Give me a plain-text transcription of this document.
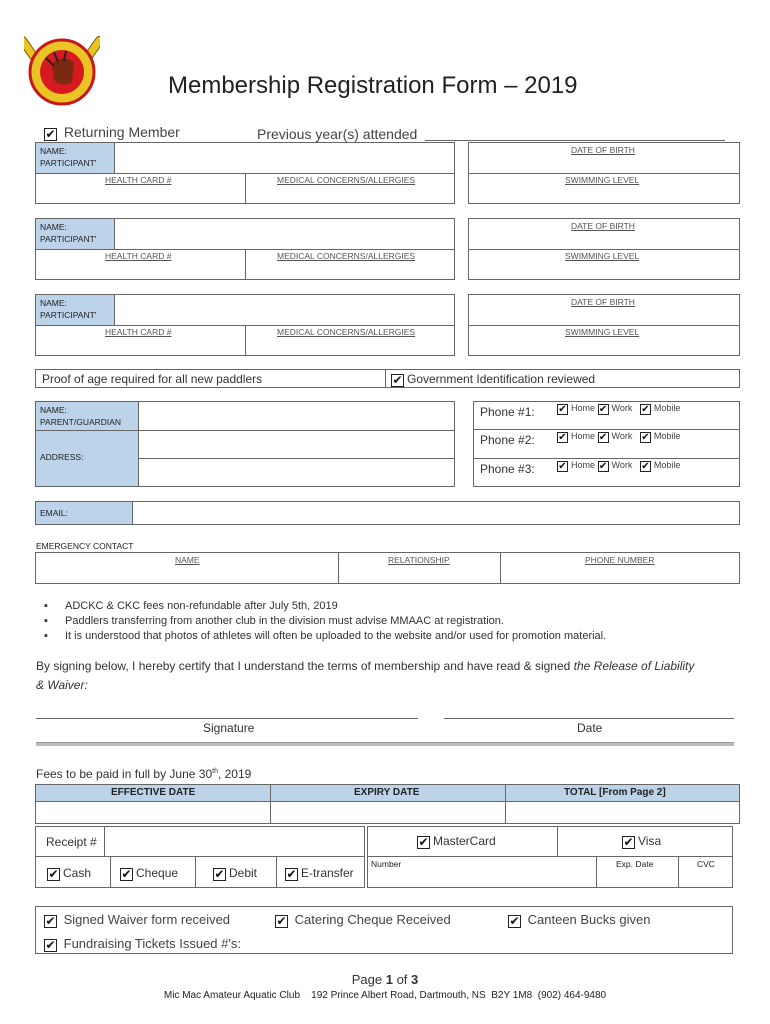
Membership Registration Form – 2019
✔ Returning Member	Previous year(s) attended
NAME:
PARTICIPANT'
HEALTH CARD #	MEDICAL CONCERNS/ALLERGIES
DATE OF BIRTH
SWIMMING LEVEL
NAME:
PARTICIPANT'
HEALTH CARD #	MEDICAL CONCERNS/ALLERGIES
DATE OF BIRTH
SWIMMING LEVEL
NAME:
PARTICIPANT'
HEALTH CARD #	MEDICAL CONCERNS/ALLERGIES
DATE OF BIRTH
SWIMMING LEVEL
Proof of age required for all new paddlers	✔ Government Identification reviewed
NAME:
PARENT/GUARDIAN
ADDRESS:
Phone #1: ✔ Home ✔ Work ✔ Mobile
Phone #2: ✔ Home ✔ Work ✔ Mobile
Phone #3: ✔ Home ✔ Work ✔ Mobile
EMAIL:
EMERGENCY CONTACT
NAME	RELATIONSHIP	PHONE NUMBER
▪ ADCKC & CKC fees non-refundable after July 5th, 2019
▪ Paddlers transferring from another club in the division must advise MMAAC at registration.
▪ It is understood that photos of athletes will often be uploaded to the website and/or used for promotion material.
By signing below, I hereby certify that I understand the terms of membership and have read & signed the Release of Liability
& Waiver:
Signature	Date
Fees to be paid in full by June 30th, 2019
EFFECTIVE DATE	EXPIRY DATE	TOTAL [From Page 2]
Receipt #
✔ Cash	✔ Cheque	✔ Debit ✔ E-transfer
✔ MasterCard	✔ Visa
Number	Exp. Date	CVC
✔ Signed Waiver form received	✔ Catering Cheque Received	✔ Canteen Bucks given
✔ Fundraising Tickets Issued #'s:
Page 1 of 3
Mic Mac Amateur Aquatic Club    192 Prince Albert Road, Dartmouth, NS  B2Y 1M8  (902) 464-9480
